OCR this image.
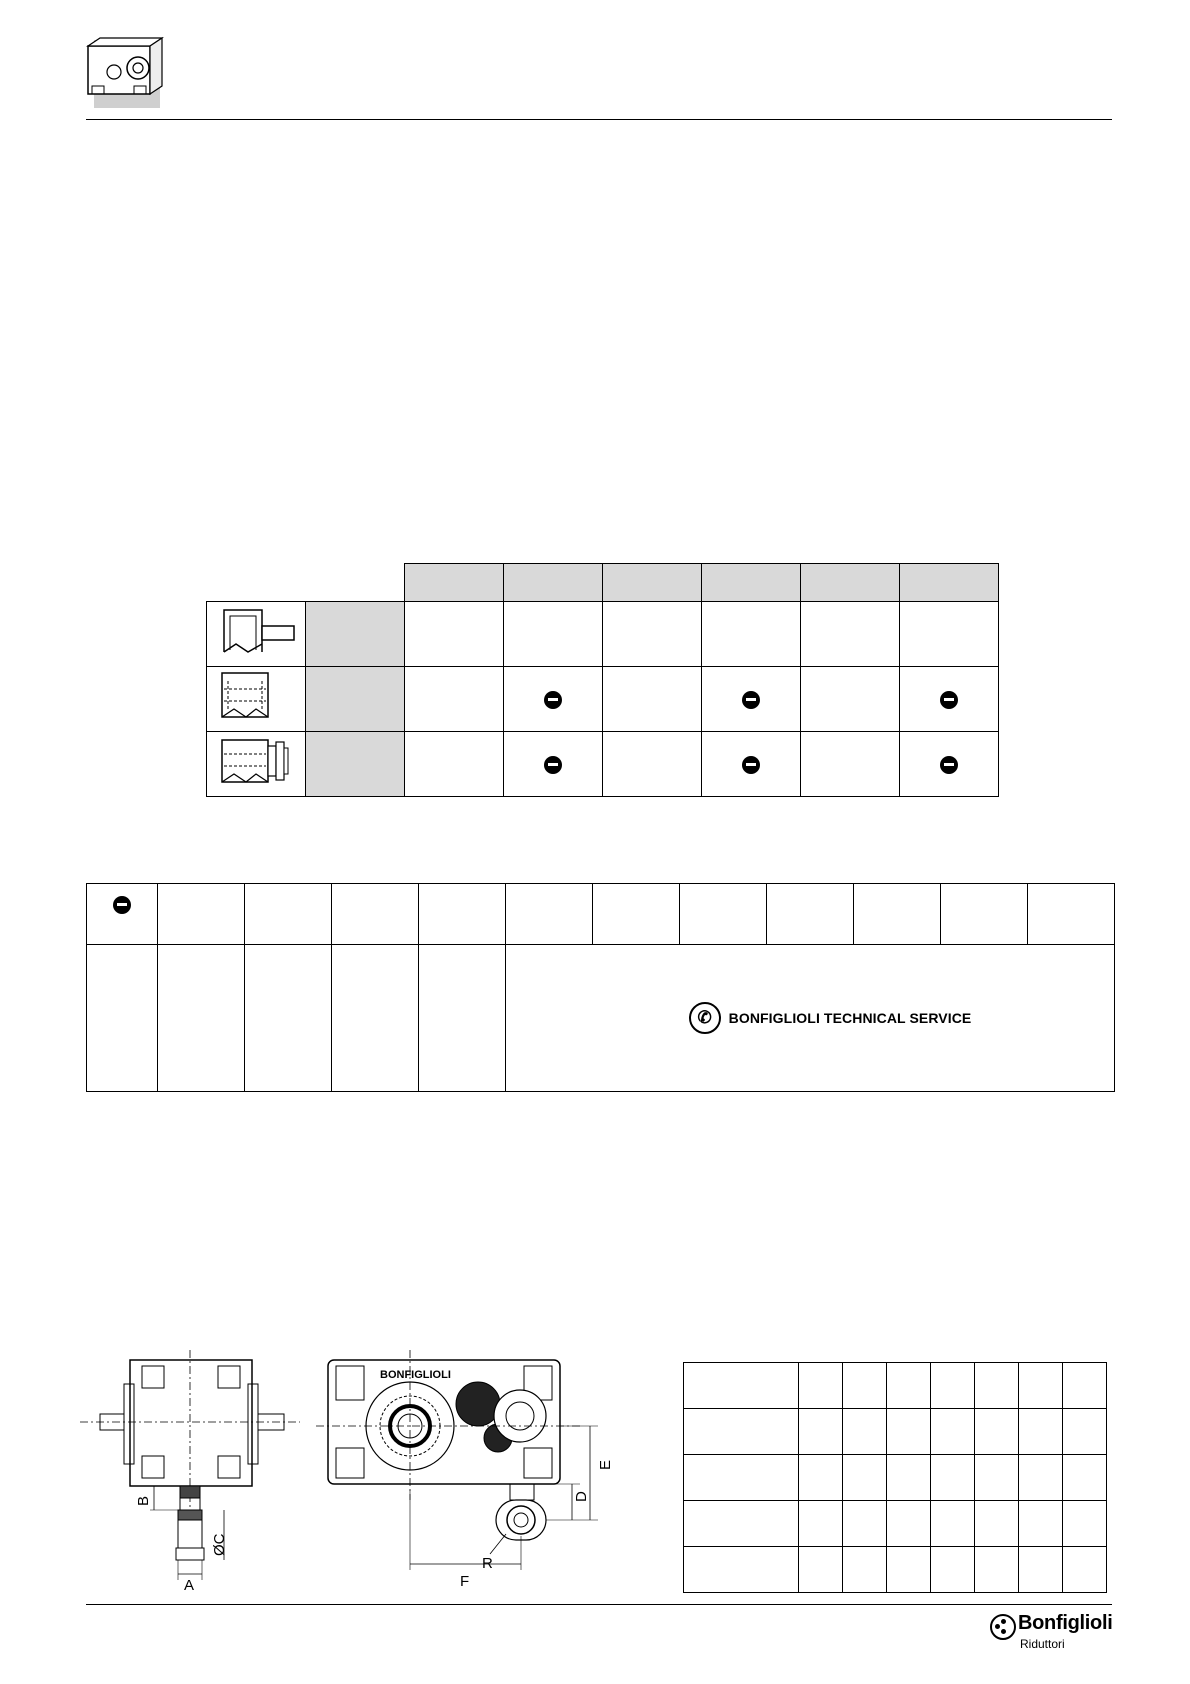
✆ BONFIGLIOLI TECHNICAL SERVICE						
B
ØC
A
BONFIGLIOLI
E
D
F
R

Bonfiglioli
Riduttori
